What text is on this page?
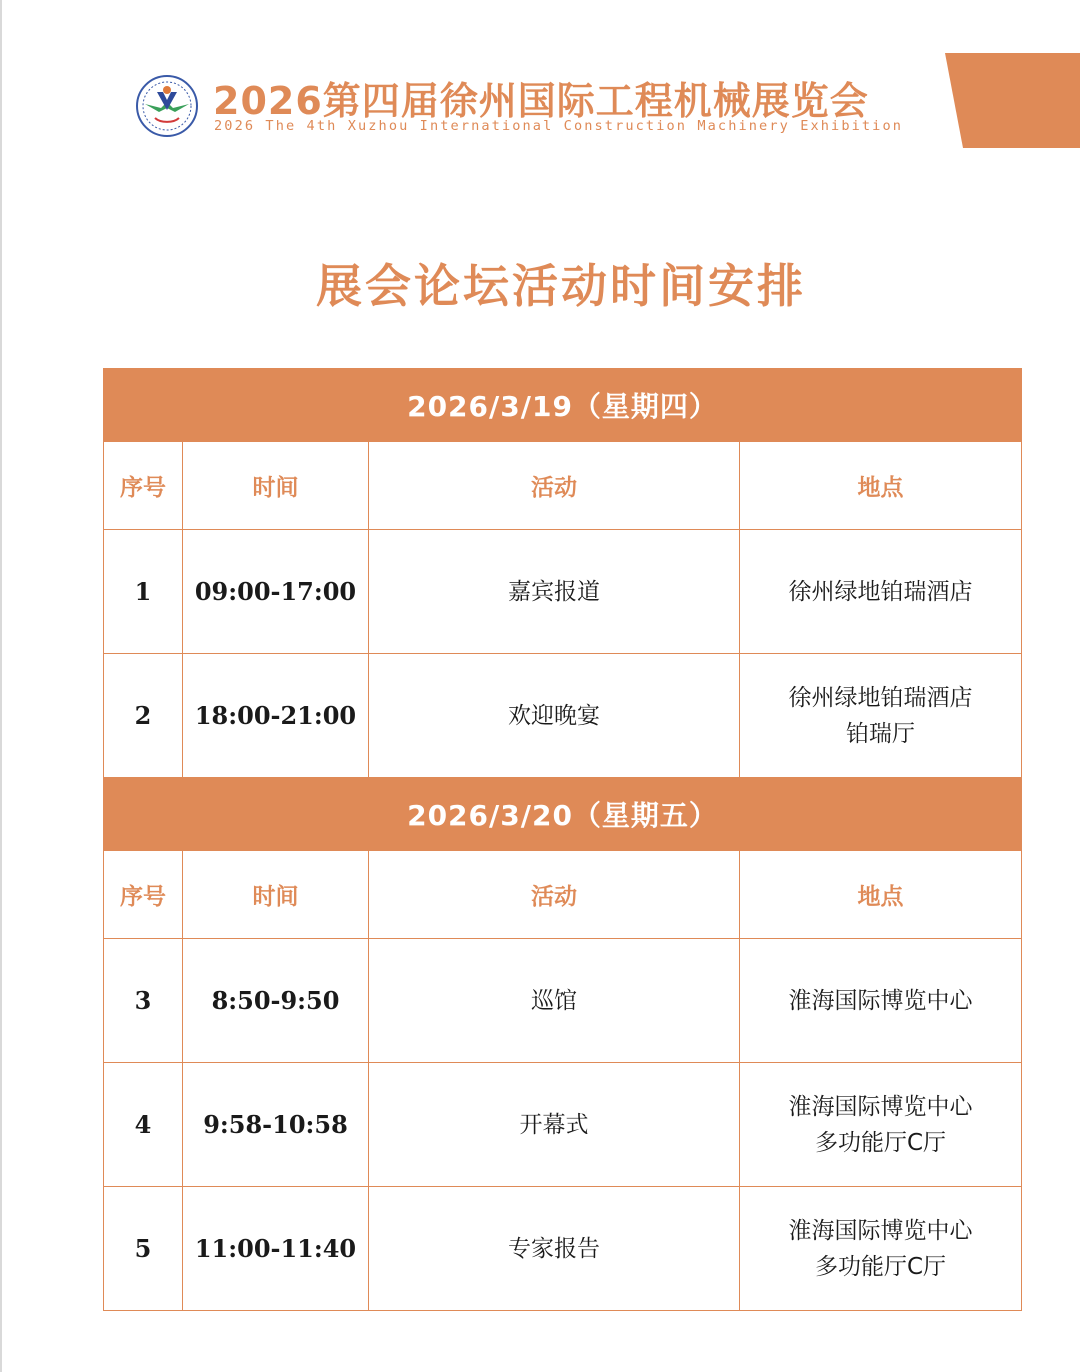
2026第四届徐州国际工程机械展览会
2026 The 4th Xuzhou International Construction Machinery Exhibition
展会论坛活动时间安排
2026/3/19（星期四）			
序号	时间	活动	地点
1	09:00-17:00	嘉宾报道	徐州绿地铂瑞酒店

2	18:00-21:00	欢迎晚宴	徐州绿地铂瑞酒店
铂瑞厅

2026/3/20（星期五）			
序号	时间	活动	地点
3	8:50-9:50	巡馆	淮海国际博览中心

4	9:58-10:58	开幕式	淮海国际博览中心
多功能厅C厅

5	11:00-11:40	专家报告	淮海国际博览中心
多功能厅C厅
